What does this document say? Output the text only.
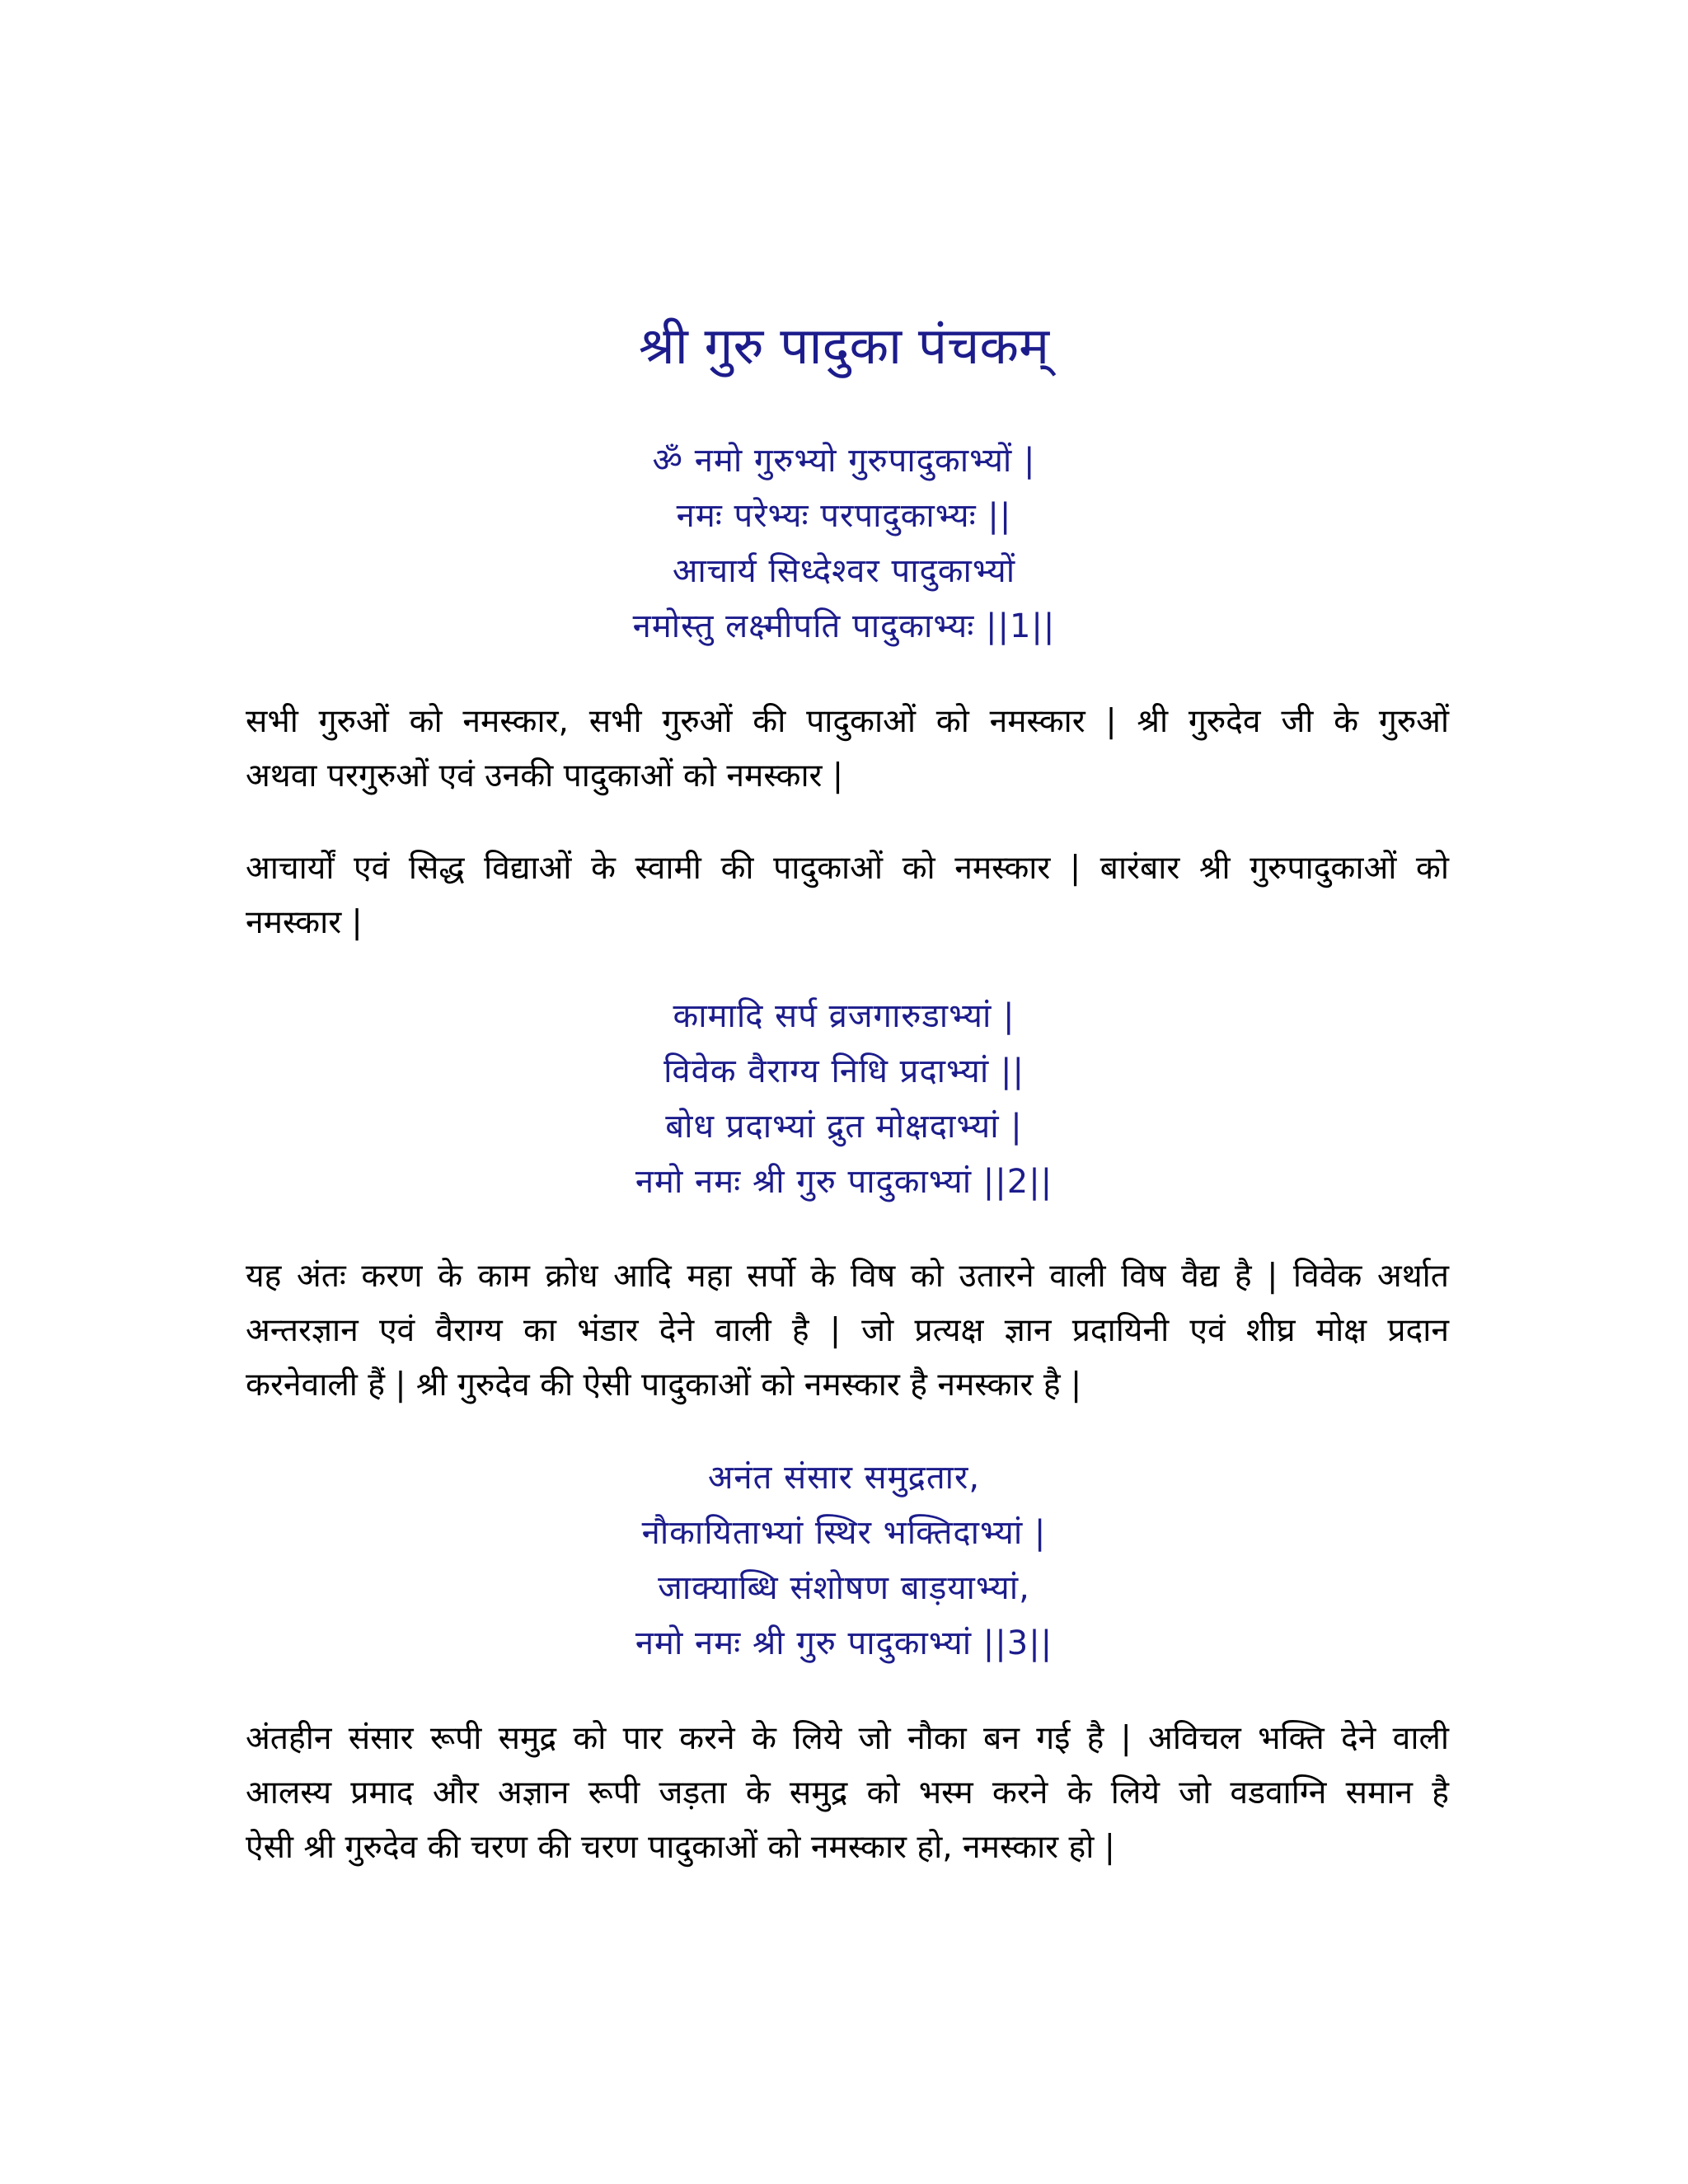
श्री गुरु पादुका पंचकम्
ॐ नमो गुरुभ्यो गुरुपादुकाभ्यों |
नमः परेभ्यः परपादुकाभ्यः ||
आचार्य सिध्देश्वर पादुकाभ्यों
नमोस्तु लक्ष्मीपति पादुकाभ्यः ||1||
सभी गुरुओं को नमस्कार, सभी गुरुओं की पादुकाओं को नमस्कार | श्री गुरुदेव जी के गुरुओं
अथवा परगुरुओं एवं उनकी पादुकाओं को नमस्कार |
आचार्यों एवं सिद्ध विद्याओं के स्वामी की पादुकाओं को नमस्कार | बारंबार श्री गुरुपादुकाओं को
नमस्कार |
कामादि सर्प व्रजगारुडाभ्यां |
विवेक वैराग्य निधि प्रदाभ्यां ||
बोध प्रदाभ्यां द्रुत मोक्षदाभ्यां |
नमो नमः श्री गुरु पादुकाभ्यां ||2||
यह अंतः करण के काम क्रोध आदि महा सर्पो के विष को उतारने वाली विष वैद्य है | विवेक अर्थात
अन्तरज्ञान एवं वैराग्य का भंडार देने वाली है | जो प्रत्यक्ष ज्ञान प्रदायिनी एवं शीघ्र मोक्ष प्रदान
करनेवाली हैं | श्री गुरुदेव की ऐसी पादुकाओं को नमस्कार है नमस्कार है |
अनंत संसार समुद्रतार,
नौकायिताभ्यां स्थिर भक्तिदाभ्यां |
जाक्याब्धि संशोषण बाड़याभ्यां,
नमो नमः श्री गुरु पादुकाभ्यां ||3||
अंतहीन संसार रूपी समुद्र को पार करने के लिये जो नौका बन गई है | अविचल भक्ति देने वाली
आलस्य प्रमाद और अज्ञान रूपी जड़ता के समुद्र को भस्म करने के लिये जो वडवाग्नि समान है
ऐसी श्री गुरुदेव की चरण की चरण पादुकाओं को नमस्कार हो, नमस्कार हो |
